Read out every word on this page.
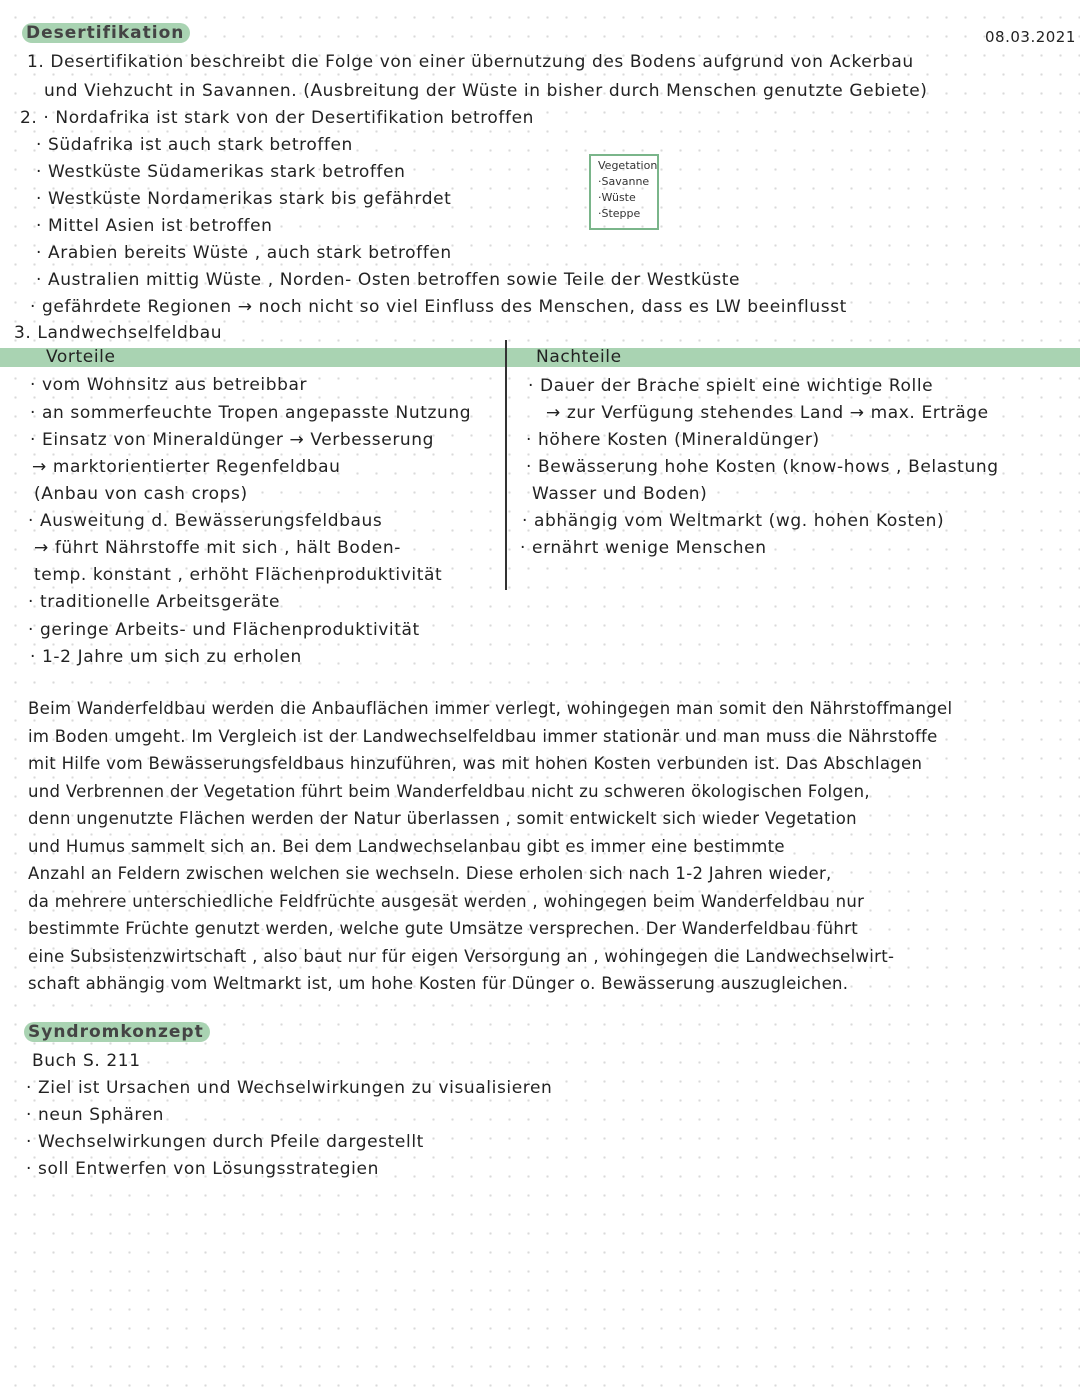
Desertifikation	08.03.2021
1. Desertifikation beschreibt die Folge von einer übernutzung des Bodens aufgrund von Ackerbau
und Viehzucht in Savannen. (Ausbreitung der Wüste in bisher durch Menschen genutzte Gebiete)
2. · Nordafrika ist stark von der Desertifikation betroffen
· Südafrika ist auch stark betroffen
· Westküste Südamerikas stark betroffen
· Westküste Nordamerikas stark bis gefährdet
· Mittel Asien ist betroffen
· Arabien bereits Wüste , auch stark betroffen
· Australien mittig Wüste , Norden- Osten betroffen sowie Teile der Westküste
· gefährdete Regionen → noch nicht so viel Einfluss des Menschen, dass es LW beeinflusst
Vegetation
·Savanne
·Wüste
·Steppe
3. Landwechselfeldbau
Vorteile	Nachteile
· vom Wohnsitz aus betreibbar
· an sommerfeuchte Tropen angepasste Nutzung
· Einsatz von Mineraldünger → Verbesserung
→ marktorientierter Regenfeldbau
(Anbau von cash crops)
· Ausweitung d. Bewässerungsfeldbaus
→ führt Nährstoffe mit sich , hält Boden-
temp. konstant , erhöht Flächenproduktivität
· traditionelle Arbeitsgeräte
· geringe Arbeits- und Flächenproduktivität
· 1-2 Jahre um sich zu erholen
· Dauer der Brache spielt eine wichtige Rolle
→ zur Verfügung stehendes Land → max. Erträge
· höhere Kosten (Mineraldünger)
· Bewässerung hohe Kosten (know-hows , Belastung
Wasser und Boden)
· abhängig vom Weltmarkt (wg. hohen Kosten)
· ernährt wenige Menschen
Beim Wanderfeldbau werden die Anbauflächen immer verlegt, wohingegen man somit den Nährstoffmangel
im Boden umgeht. Im Vergleich ist der Landwechselfeldbau immer stationär und man muss die Nährstoffe
mit Hilfe vom Bewässerungsfeldbaus hinzuführen, was mit hohen Kosten verbunden ist. Das Abschlagen
und Verbrennen der Vegetation führt beim Wanderfeldbau nicht zu schweren ökologischen Folgen,
denn ungenutzte Flächen werden der Natur überlassen , somit entwickelt sich wieder Vegetation
und Humus sammelt sich an. Bei dem Landwechselanbau gibt es immer eine bestimmte
Anzahl an Feldern zwischen welchen sie wechseln. Diese erholen sich nach 1-2 Jahren wieder,
da mehrere unterschiedliche Feldfrüchte ausgesät werden , wohingegen beim Wanderfeldbau nur
bestimmte Früchte genutzt werden, welche gute Umsätze versprechen. Der Wanderfeldbau führt
eine Subsistenzwirtschaft , also baut nur für eigen Versorgung an , wohingegen die Landwechselwirt-
schaft abhängig vom Weltmarkt ist, um hohe Kosten für Dünger o. Bewässerung auszugleichen.
Syndromkonzept
Buch S. 211
· Ziel ist Ursachen und Wechselwirkungen zu visualisieren
· neun Sphären
· Wechselwirkungen durch Pfeile dargestellt
· soll Entwerfen von Lösungsstrategien
